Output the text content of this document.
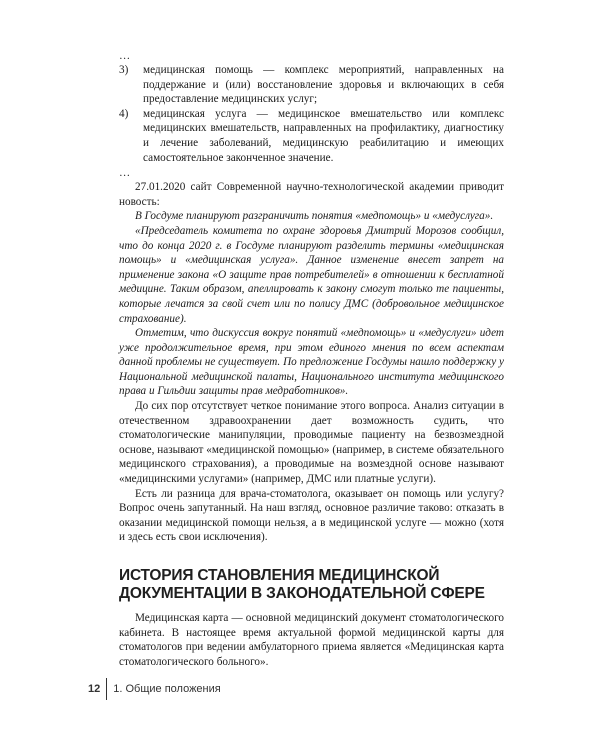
…
3)	медицинская помощь — комплекс мероприятий, направленных на поддержание и (или) восстановление здоровья и включающих в себя предоставление медицинских услуг;
4)	медицинская услуга — медицинское вмешательство или комплекс медицинских вмешательств, направленных на профилактику, диагностику и лечение заболеваний, медицинскую реабилитацию и имеющих самостоятельное законченное значение.
…

27.01.2020 сайт Современной научно-технологической академии приводит новость:

В Госдуме планируют разграничить понятия «медпомощь» и «медуслуга».

«Председатель комитета по охране здоровья Дмитрий Морозов сообщил, что до конца 2020 г. в Госдуме планируют разделить термины «медицинская помощь» и «медицинская услуга». Данное изменение внесет запрет на применение закона «О защите прав потребителей» в отношении к бесплатной медицине. Таким образом, апеллировать к закону смогут только те пациенты, которые лечатся за свой счет или по полису ДМС (добровольное медицинское страхование).

Отметим, что дискуссия вокруг понятий «медпомощь» и «медуслуги» идет уже продолжительное время, при этом единого мнения по всем аспектам данной проблемы не существует. По предложение Госдумы нашло поддержку у Национальной медицинской палаты, Национального института медицинского права и Гильдии защиты прав медработников».

До сих пор отсутствует четкое понимание этого вопроса. Анализ ситуации в отечественном здравоохранении дает возможность судить, что стоматологические манипуляции, проводимые пациенту на безвозмездной основе, называют «медицинской помощью» (например, в системе обязательного медицинского страхования), а проводимые на возмездной основе называют «медицинскими услугами» (например, ДМС или платные услуги).

Есть ли разница для врача-стоматолога, оказывает он помощь или услугу? Вопрос очень запутанный. На наш взгляд, основное различие таково: отказать в оказании медицинской помощи нельзя, а в медицинской услуге — можно (хотя и здесь есть свои исключения).

ИСТОРИЯ СТАНОВЛЕНИЯ МЕДИЦИНСКОЙ ДОКУМЕНТАЦИИ В ЗАКОНОДАТЕЛЬНОЙ СФЕРЕ

Медицинская карта — основной медицинский документ стоматологического кабинета. В настоящее время актуальной формой медицинской карты для стоматологов при ведении амбулаторного приема является «Медицинская карта стоматологического больного».

12	1. Общие положения
